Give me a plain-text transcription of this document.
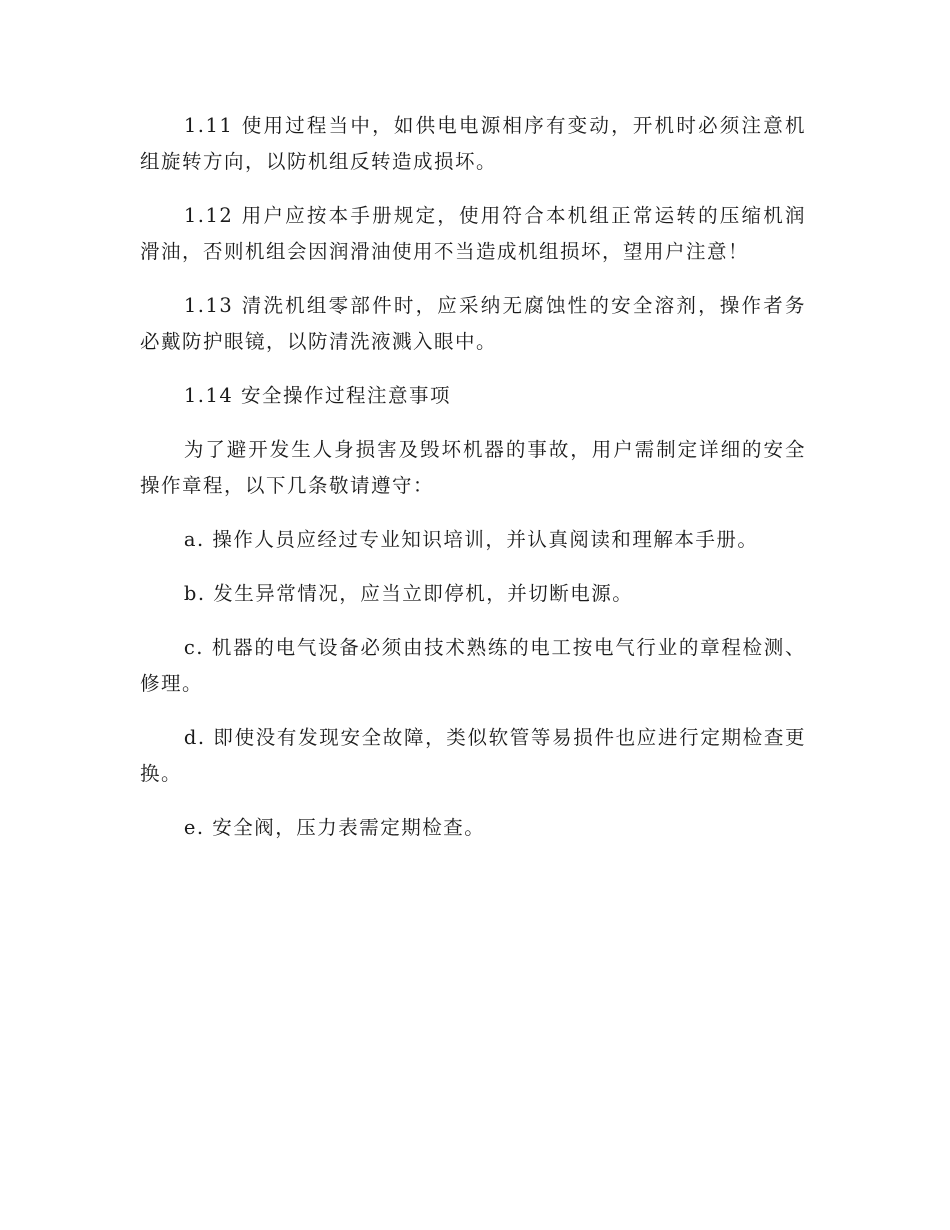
1.11 使用过程当中，如供电电源相序有变动，开机时必须注意机组旋转方向，以防机组反转造成损坏。

1.12 用户应按本手册规定，使用符合本机组正常运转的压缩机润滑油，否则机组会因润滑油使用不当造成机组损坏，望用户注意！

1.13 清洗机组零部件时，应采纳无腐蚀性的安全溶剂，操作者务必戴防护眼镜，以防清洗液溅入眼中。

1.14 安全操作过程注意事项

为了避开发生人身损害及毁坏机器的事故，用户需制定详细的安全操作章程，以下几条敬请遵守：

a. 操作人员应经过专业知识培训，并认真阅读和理解本手册。

b. 发生异常情况，应当立即停机，并切断电源。

c. 机器的电气设备必须由技术熟练的电工按电气行业的章程检测、修理。

d. 即使没有发现安全故障，类似软管等易损件也应进行定期检查更换。

e. 安全阀，压力表需定期检查。
